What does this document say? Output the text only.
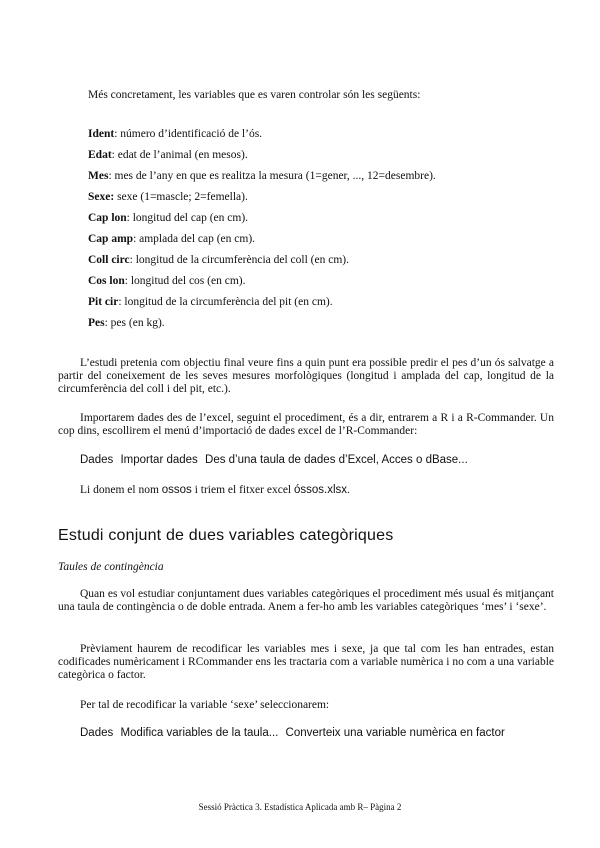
Més concretament, les variables que es varen controlar són les següents:
Ident: número d’identificació de l’ós.
Edat: edat de l’animal (en mesos).
Mes: mes de l’any en que es realitza la mesura (1=gener, ..., 12=desembre).
Sexe: sexe (1=mascle; 2=femella).
Cap lon: longitud del cap (en cm).
Cap amp: amplada del cap (en cm).
Coll circ: longitud de la circumferència del coll (en cm).
Cos lon: longitud del cos (en cm).
Pit cir: longitud de la circumferència del pit (en cm).
Pes: pes (en kg).
L’estudi pretenia com objectiu final veure fins a quin punt era possible predir el pes d’un ós salvatge a partir del coneixement de les seves mesures morfològiques (longitud i amplada del cap, longitud de la circumferència del coll i del pit, etc.).
Importarem dades des de l’excel, seguint el procediment, és a dir, entrarem a R i a R-Commander. Un cop dins, escollirem el menú d’importació de dades excel de l’R-Commander:
Dades Importar dades Des d’una taula de dades d’Excel, Acces o dBase...
Li donem el nom ossos i triem el fitxer excel óssos.xlsx.
Estudi conjunt de dues variables categòriques
Taules de contingència
Quan es vol estudiar conjuntament dues variables categòriques el procediment més usual és mitjançant una taula de contingència o de doble entrada. Anem a fer-ho amb les variables categòriques ‘mes’ i ‘sexe’.
Prèviament haurem de recodificar les variables mes i sexe, ja que tal com les han entrades, estan codificades numèricament i RCommander ens les tractaria com a variable numèrica i no com a una variable categòrica o factor.
Per tal de recodificar la variable ‘sexe’ seleccionarem:
Dades Modifica variables de la taula... Converteix una variable numèrica en factor
Sessió Pràctica 3. Estadística Aplicada amb R– Pàgina 2
